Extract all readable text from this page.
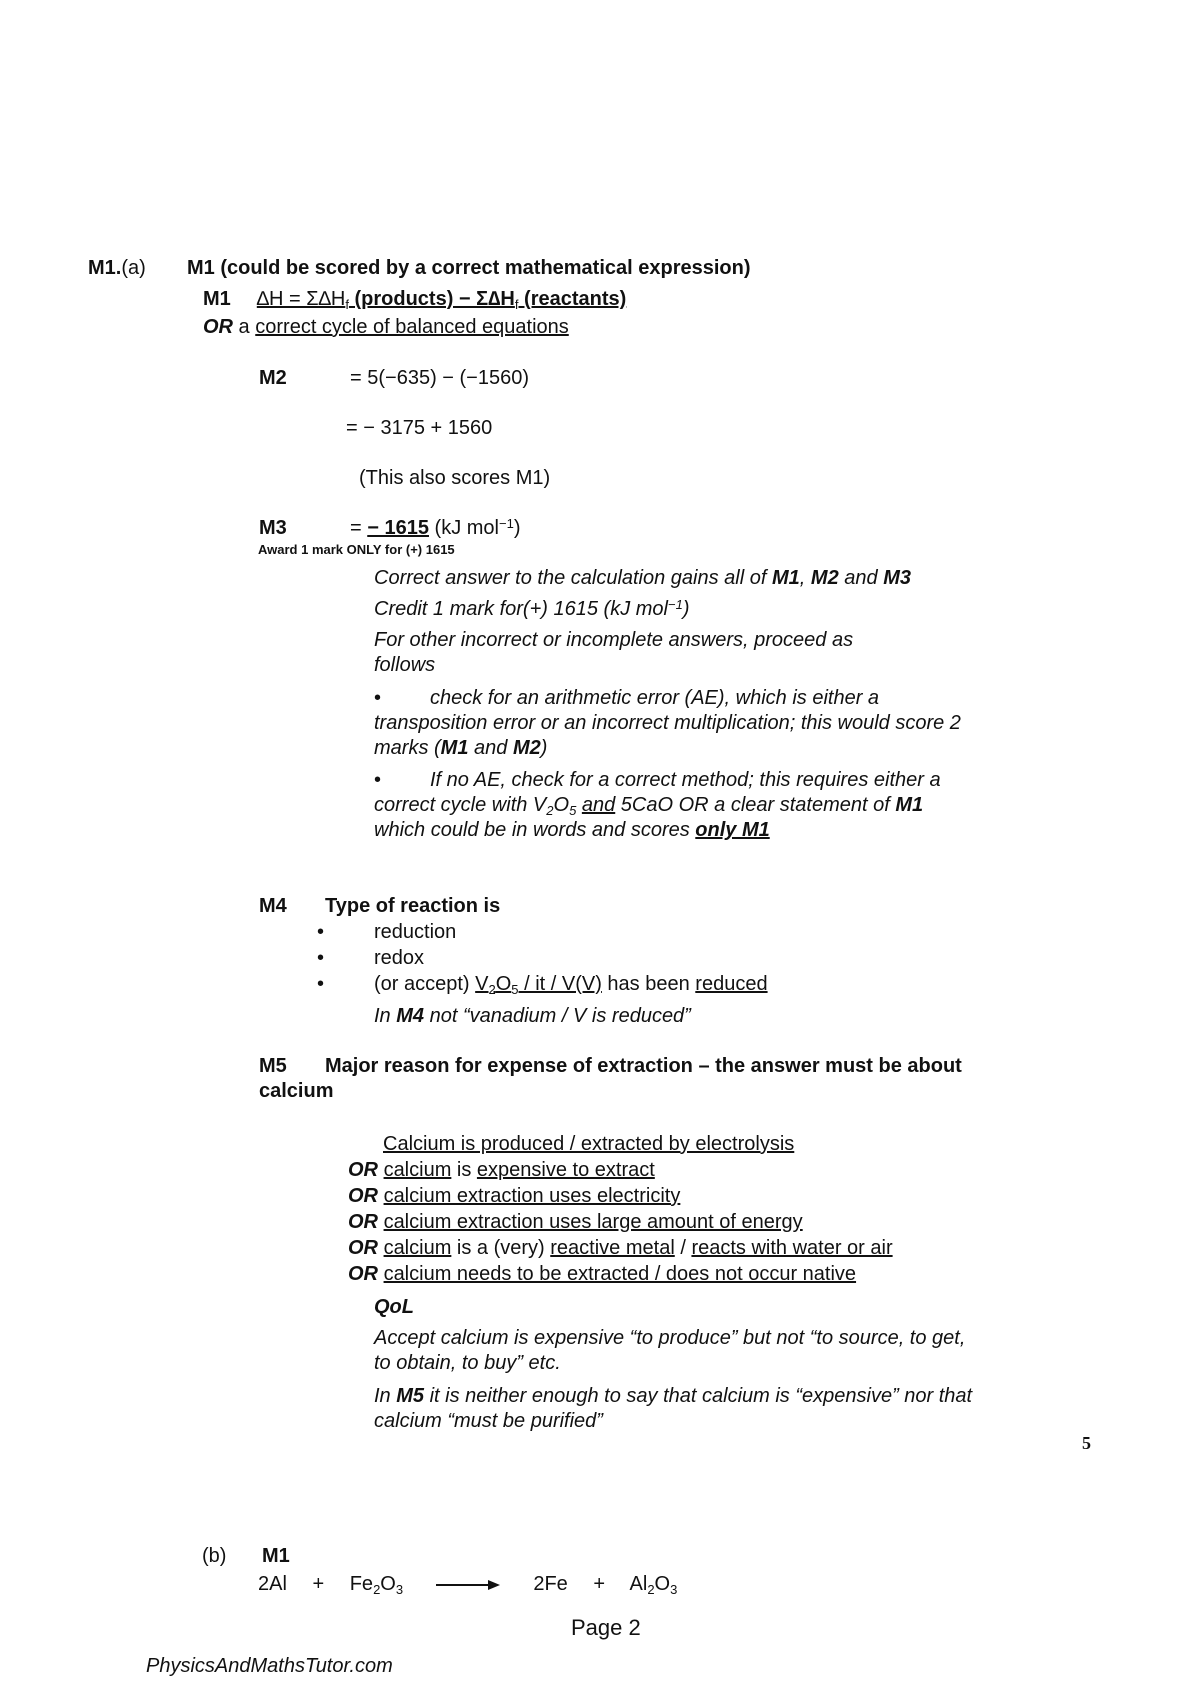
M1.(a) M1 (could be scored by a correct mathematical expression)
M1 $\Delta H = \Sigma\Delta H_f$ (products) − $\Sigma\Delta H_f$ (reactants)
OR a correct cycle of balanced equations
M2	= 5(−635) − (−1560)
= − 3175 + 1560
(This also scores M1)
M3	= − 1615 (kJ mol$^{-1}$)
Award 1 mark ONLY for (+) 1615
Correct answer to the calculation gains all of M1, M2 and M3
Credit 1 mark for(+) 1615 (kJ mol$^{-1}$)
For other incorrect or incomplete answers, proceed as follows
• check for an arithmetic error (AE), which is either a transposition error or an incorrect multiplication; this would score 2 marks (M1 and M2)
• If no AE, check for a correct method; this requires either a correct cycle with $V_2O_5$ and 5CaO OR a clear statement of M1 which could be in words and scores only M1
M4 Type of reaction is
• reduction
• redox
• (or accept) $V_2O_5$ / it / V(V) has been reduced
In M4 not “vanadium / V is reduced”
M5	Major reason for expense of extraction – the answer must be about calcium
Calcium is produced / extracted by electrolysis
OR calcium is expensive to extract
OR calcium extraction uses electricity
OR calcium extraction uses large amount of energy
OR calcium is a (very) reactive metal / reacts with water or air
OR calcium needs to be extracted / does not occur native
QoL
Accept calcium is expensive “to produce” but not “to source, to get, to obtain, to buy” etc.
In M5 it is neither enough to say that calcium is “expensive” nor that calcium “must be purified”
5
(b) M1
$2Al + Fe_2O_3$	$2Fe + Al_2O_3$
Page 2
PhysicsAndMathsTutor.com
